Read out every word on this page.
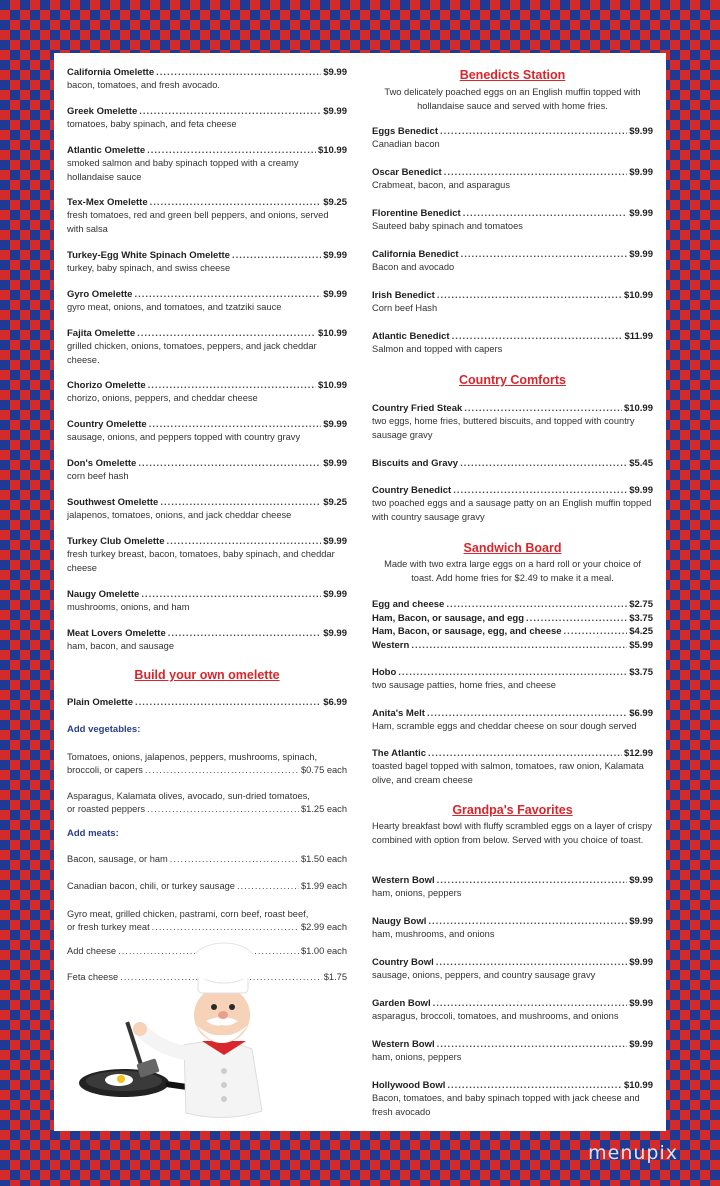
California Omelette .....	$9.99
bacon, tomatoes, and fresh avocado.
Greek Omelette .....	$9.99
tomatoes, baby spinach, and feta cheese
Atlantic Omelette .....	$10.99
smoked salmon and baby spinach topped with a creamy hollandaise sauce
Tex-Mex Omelette .....	$9.25
fresh tomatoes, red and green bell peppers, and onions, served with salsa
Turkey-Egg White Spinach Omelette .....	$9.99
turkey, baby spinach, and swiss cheese
Gyro Omelette .....	$9.99
gyro meat, onions, and tomatoes, and tzatziki sauce
Fajita Omelette .....	$10.99
grilled chicken, onions, tomatoes, peppers, and jack cheddar cheese.
Chorizo Omelette .....	$10.99
chorizo, onions, peppers, and cheddar cheese
Country Omelette .....	$9.99
sausage, onions, and peppers topped with country gravy
Don's Omelette .....	$9.99
corn beef hash
Southwest Omelette .....	$9.25
jalapenos, tomatoes, onions, and jack cheddar cheese
Turkey Club Omelette .....	$9.99
fresh turkey breast, bacon, tomatoes, baby spinach, and cheddar cheese
Naugy Omelette .....	$9.99
mushrooms, onions, and ham
Meat Lovers Omelette .....	$9.99
ham, bacon, and sausage
Build your own omelette
Plain Omelette .....	$6.99
Add vegetables:
Tomatoes, onions, jalapenos, peppers, mushrooms, spinach,
broccoli, or capers .....	$0.75 each
Asparagus, Kalamata olives, avocado, sun-dried tomatoes,
or roasted peppers .....	$1.25 each
Add meats:
Bacon, sausage, or ham .....	$1.50 each
Canadian bacon, chili, or turkey sausage .....	$1.99 each
Gyro meat, grilled chicken, pastrami, corn beef, roast beef,
or fresh turkey meat .....	$2.99 each
Add cheese .....	$1.00 each
Feta cheese .....	$1.75
Benedicts Station
Two delicately poached eggs on an English muffin topped with hollandaise sauce and served with home fries.
Eggs Benedict .....	$9.99
Canadian bacon
Oscar Benedict .....	$9.99
Crabmeat, bacon, and asparagus
Florentine Benedict .....	$9.99
Sauteed baby spinach and tomatoes
California Benedict .....	$9.99
Bacon and avocado
Irish Benedict .....	$10.99
Corn beef Hash
Atlantic Benedict .....	$11.99
Salmon and topped with capers
Country Comforts
Country Fried Steak .....	$10.99
two eggs, home fries, buttered biscuits, and topped with country sausage gravy
Biscuits and Gravy .....	$5.45
Country Benedict .....	$9.99
two poached eggs and a sausage patty on an English muffin topped with country sausage gravy
Sandwich Board
Made with two extra large eggs on a hard roll or your choice of toast. Add home fries for $2.49 to make it a meal.
Egg and cheese .....	$2.75
Ham, Bacon, or sausage, and egg .....	$3.75
Ham, Bacon, or sausage, egg, and cheese .....	$4.25
Western .....	$5.99
Hobo .....	$3.75
two sausage patties, home fries, and cheese
Anita's Melt .....	$6.99
Ham, scramble eggs and cheddar cheese on sour dough served
The Atlantic .....	$12.99
toasted bagel topped with salmon, tomatoes, raw onion, Kalamata olive, and cream cheese
Grandpa's Favorites
Hearty breakfast bowl with fluffy scrambled eggs on a layer of crispy combined with option from below. Served with you choice of toast.
Western Bowl .....	$9.99
ham, onions, peppers
Naugy Bowl .....	$9.99
ham, mushrooms, and onions
Country Bowl .....	$9.99
sausage, onions, peppers, and country sausage gravy
Garden Bowl .....	$9.99
asparagus, broccoli, tomatoes, and mushrooms, and onions
Western Bowl .....	$9.99
ham, onions, peppers
Hollywood Bowl .....	$10.99
Bacon, tomatoes, and baby spinach topped with jack cheese and fresh avocado
menupix
